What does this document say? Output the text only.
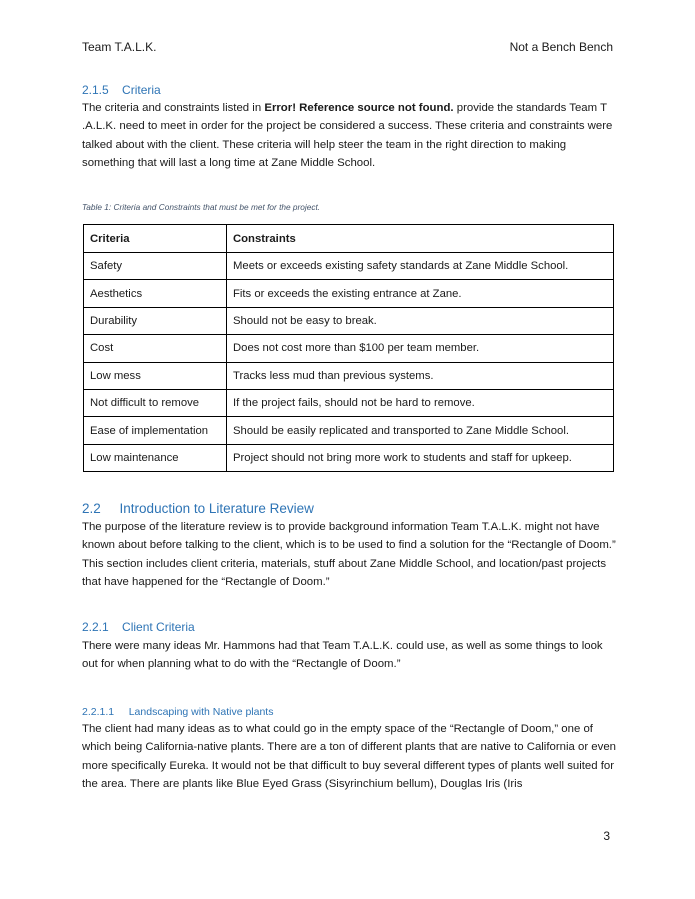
Team T.A.L.K.	Not a Bench Bench
2.1.5 Criteria
The criteria and constraints listed in Error! Reference source not found. provide the standards Team T .A.L.K. need to meet in order for the project be considered a success. These criteria and constraints were talked about with the client. These criteria will help steer the team in the right direction to making something that will last a long time at Zane Middle School.
Table 1: Criteria and Constraints that must be met for the project.
Criteria	Constraints
Safety	Meets or exceeds existing safety standards at Zane Middle School.
Aesthetics	Fits or exceeds the existing entrance at Zane.
Durability	Should not be easy to break.
Cost	Does not cost more than $100 per team member.
Low mess	Tracks less mud than previous systems.
Not difficult to remove	If the project fails, should not be hard to remove.
Ease of implementation	Should be easily replicated and transported to Zane Middle School.
Low maintenance	Project should not bring more work to students and staff for upkeep.
2.2 Introduction to Literature Review
The purpose of the literature review is to provide background information Team T.A.L.K. might not have known about before talking to the client, which is to be used to find a solution for the “Rectangle of Doom.” This section includes client criteria, materials, stuff about Zane Middle School, and location/past projects that have happened for the “Rectangle of Doom.”
2.2.1 Client Criteria
There were many ideas Mr. Hammons had that Team T.A.L.K. could use, as well as some things to look out for when planning what to do with the “Rectangle of Doom.”
2.2.1.1 Landscaping with Native plants
The client had many ideas as to what could go in the empty space of the “Rectangle of Doom,” one of which being California-native plants. There are a ton of different plants that are native to California or even more specifically Eureka. It would not be that difficult to buy several different types of plants well suited for the area. There are plants like Blue Eyed Grass (Sisyrinchium bellum), Douglas Iris (Iris
3
